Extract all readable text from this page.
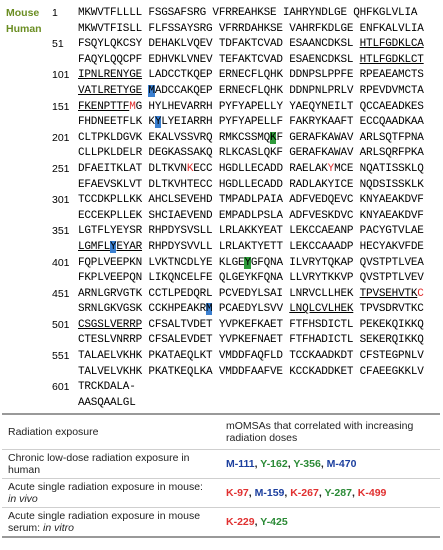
Mouse	1	MKWVTFLLLL FSGSAFSRG VFRREAHKSE IAHRYNDLGE QHFKGLVLIA
Human	MKWVTFISLL FLFSSAYSRG VFRRDAHKSE VAHRFKDLGE ENFKALVLIA
51	FSQYLQKCSY DEHAKLVQEV TDFAKTCVAD ESAANCDKSL HTLFGDKLCA
FAQYLQQCPF EDHVKLVNEV TEFAKTCVAD ESAENCDKSL HTLFGDKLCT
101 IPNLRENYGE LADCCTKQEP ERNECFLQHK DDNPSLPPFE RPEAEAMCTS
VATLRETYGE MADCCAKQEP ERNECFLQHK DDNPNLPRLV RPEVDVMCTA
151 FKENPTTFMG HYLHEVARRH PYFYAPELLY YAEQYNEILT QCCAEADKES
FHDNEETFLK KYLYEIARRH PYFYAPELLF FAKRYKAAFT ECCQAADKAA
201 CLTPKLDGVK EKALVSSVRQ RMKCSSMQKF GERAFKAWAV ARLSQTFPNA
CLLPKLDELR DEGKASSAKQ RLKCASLQKF GERAFKAWAV ARLSQRFPKA
251 DFAEITKLAT DLTKVNKECC HGDLLECADD RAELAKYMCE NQATISSKLQ
EFAEVSKLVT DLTKVHTECC HGDLLECADD RADLAKYICE NQDSISSKLK
301 TCCDKPLLKK AHCLSEVEHD TMPADLPAIA ADFVEDQEVC KNYAEAKDVF
ECCEKPLLEK SHCIAEVEND EMPADLPSLA ADFVESKDVC KNYAEAKDVF
351 LGTFLYEYSR RHPDYSVSLL LRLAKKYEAT LEKCCAEANP PACYGTVLAE
LGMFLYEYAR RHPDYSVVLL LRLAKTYETT LEKCCAAADP HECYAKVFDE
401 FQPLVEEPKN LVKTNCDLYE KLGEYGFQNA ILVRYTQKAP QVSTPTLVEA
FKPLVEEPQN LIKQNCELFE QLGEYKFQNA LLVRYTKKVP QVSTPTLVEV
451 ARNLGRVGTK CCTLPEDQRL PCVEDYLSAI LNRVCLLHEK TPVSEHVTKC
SRNLGKVGSK CCKHPEAKRM PCAEDYLSVV LNQLCVLHEK TPVSDRVTKC
501 CSGSLVERRP CFSALTVDET YVPKEFKAET FTFHSDICTL PEKEKQIKKQ
CTESLVNRRP CFSALEVDET YVPKEFNAET FTFHADICTL SEKERQIKKQ
551 TALAELVKHK PKATAEQLKT VMDDFAQFLD TCCKAADKDT CFSTEGPNLV
TALVELVKHK PKATKEQLKA VMDDFAAFVE KCCKADDKET CFAEEGKKLV
601 TRCKDALA-
AASQAALGL
Radiation exposure	mOMSAs that correlated with increasing radiation doses
Chronic low-dose radiation exposure in human	M-111, Y-162, Y-356, M-470
Acute single radiation exposure in mouse: in vivo	K-97, M-159, K-267, Y-287, K-499
Acute single radiation exposure in mouse serum: in vitro	K-229, Y-425
